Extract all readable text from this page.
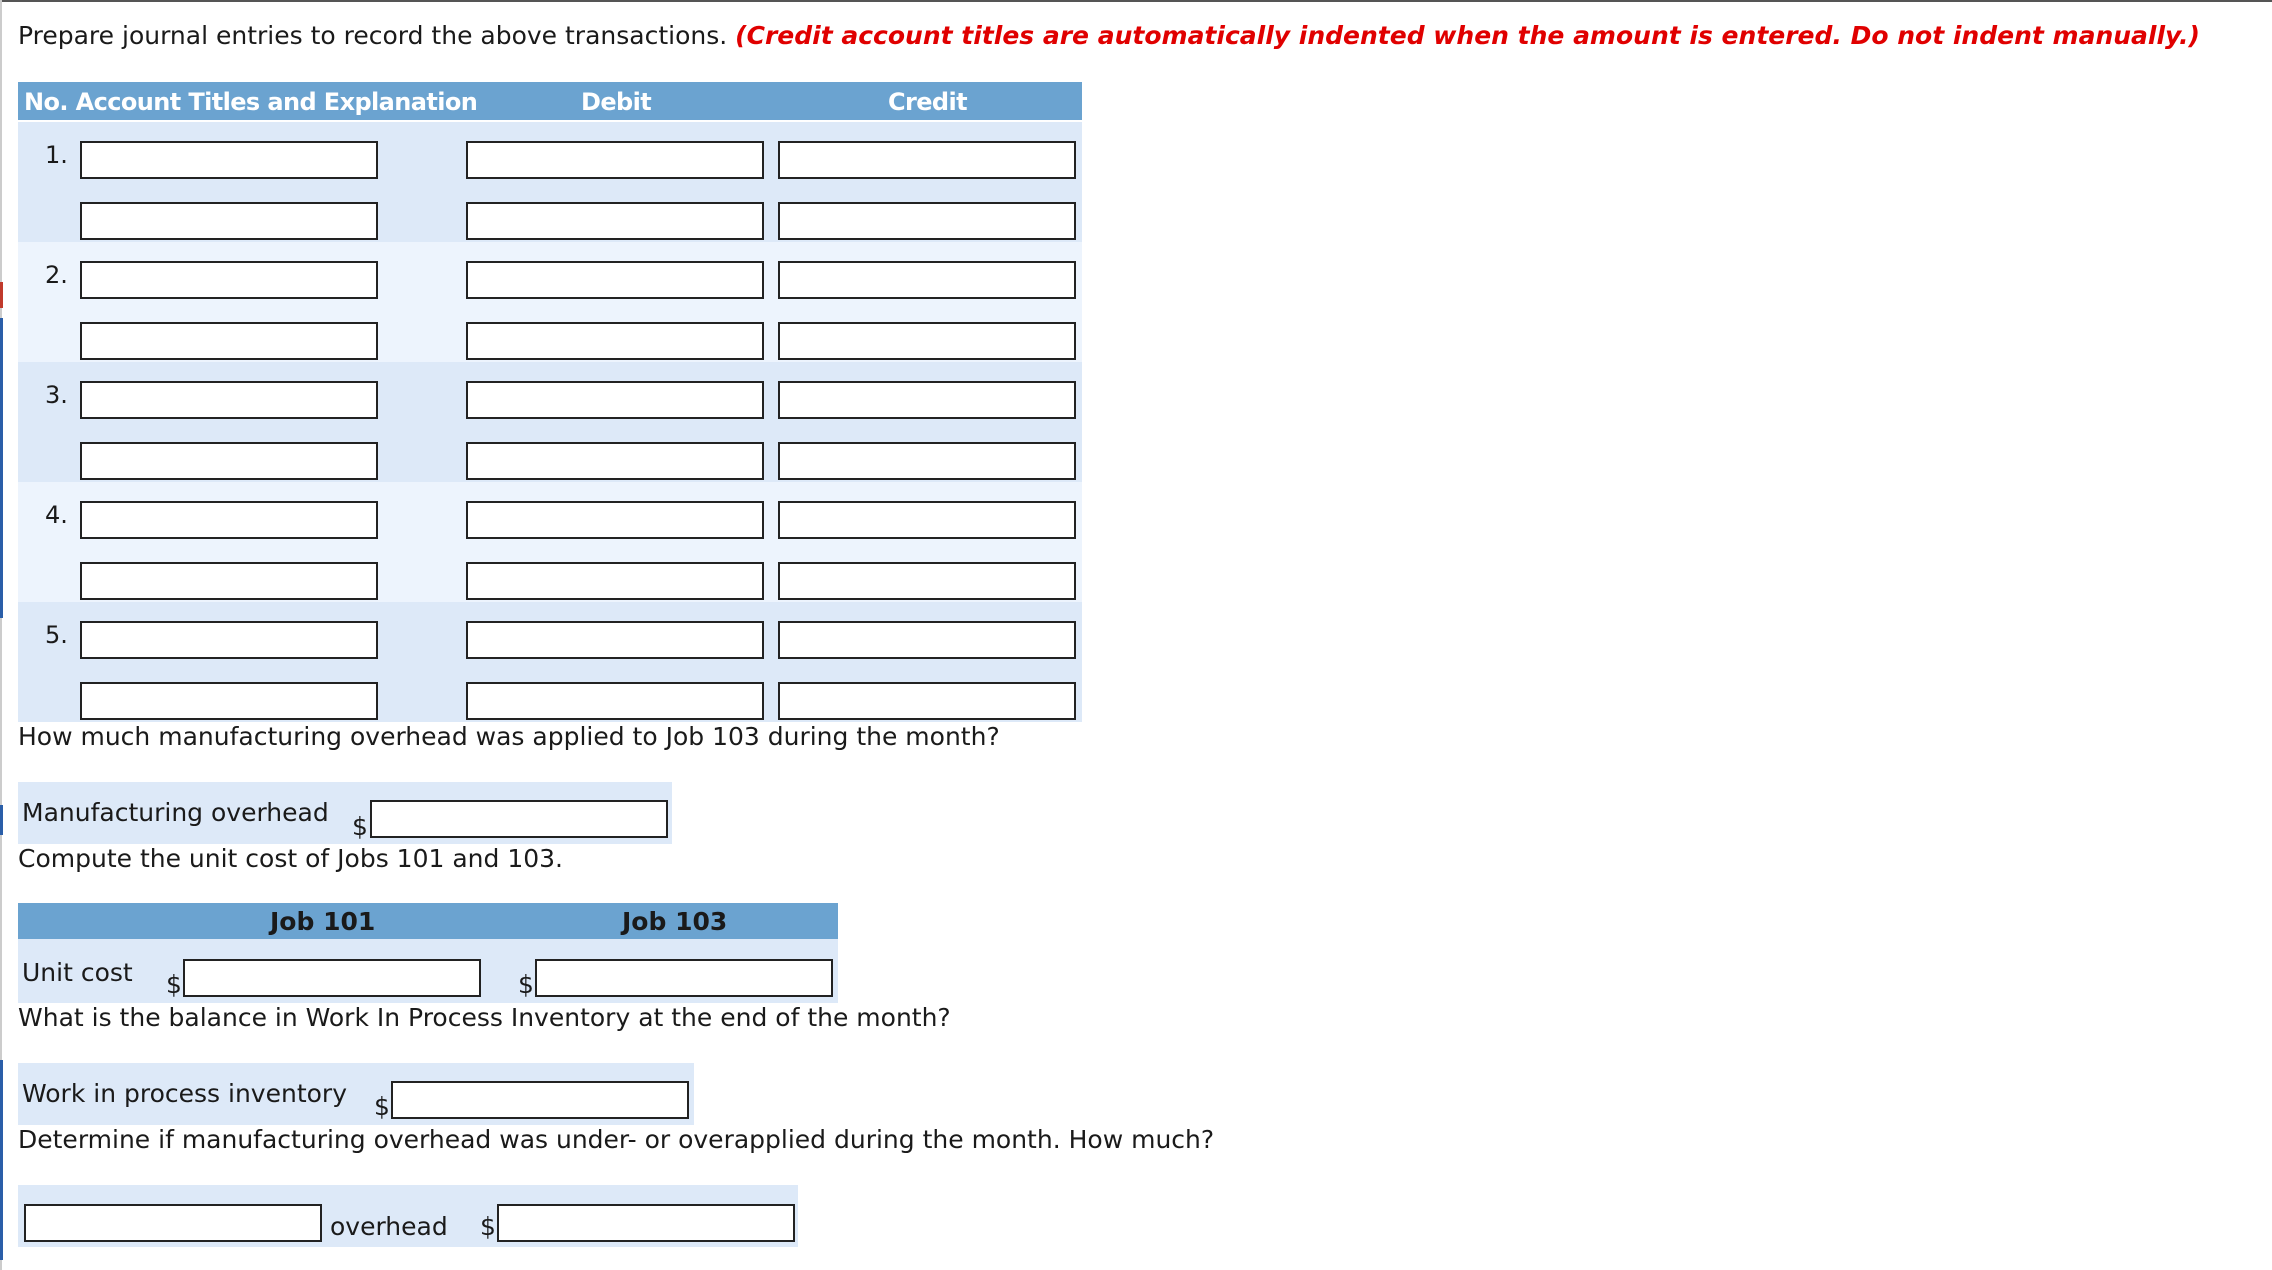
Prepare journal entries to record the above transactions. (Credit account titles are automatically indented when the amount is entered. Do not indent manually.)
No. Account Titles and Explanation	Debit	Credit
1.
2.
3.
4.
5.
How much manufacturing overhead was applied to Job 103 during the month?
Manufacturing overhead $
Compute the unit cost of Jobs 101 and 103.
Job 101	Job 103
Unit cost $	$
What is the balance in Work In Process Inventory at the end of the month?
Work in process inventory $
Determine if manufacturing overhead was under- or overapplied during the month. How much?
overhead $
